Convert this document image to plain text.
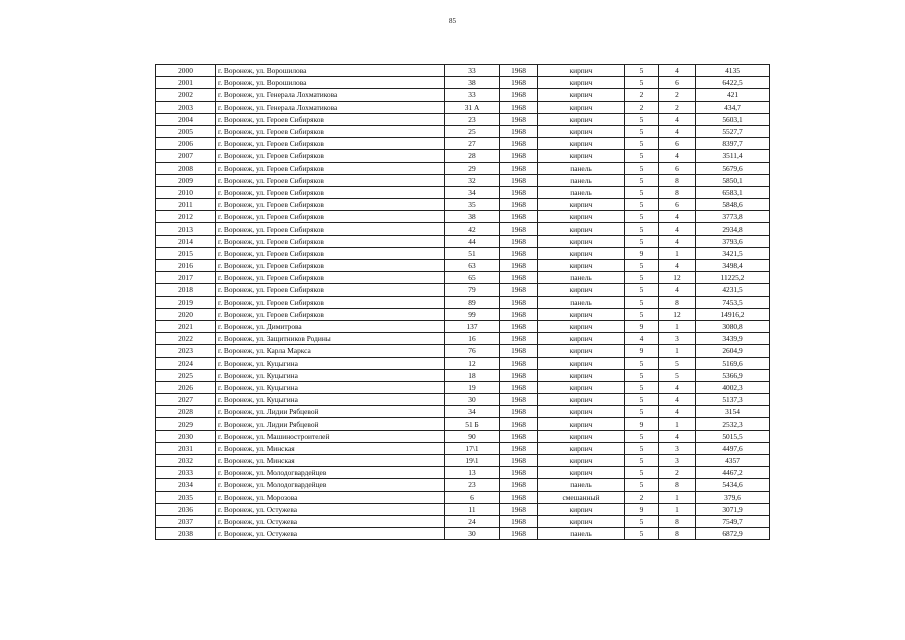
85
2000	г. Воронеж, ул. Ворошилова	33	1968	кирпич	5	4	4135
2001	г. Воронеж, ул. Ворошилова	38	1968	кирпич	5	6	6422,5
2002	г. Воронеж, ул. Генерала Лохматикова	33	1968	кирпич	2	2	421
2003	г. Воронеж, ул. Генерала Лохматикова	31 А	1968	кирпич	2	2	434,7
2004	г. Воронеж, ул. Героев Сибиряков	23	1968	кирпич	5	4	5603,1
2005	г. Воронеж, ул. Героев Сибиряков	25	1968	кирпич	5	4	5527,7
2006	г. Воронеж, ул. Героев Сибиряков	27	1968	кирпич	5	6	8397,7
2007	г. Воронеж, ул. Героев Сибиряков	28	1968	кирпич	5	4	3511,4
2008	г. Воронеж, ул. Героев Сибиряков	29	1968	панель	5	6	5679,6
2009	г. Воронеж, ул. Героев Сибиряков	32	1968	панель	5	8	5850,1
2010	г. Воронеж, ул. Героев Сибиряков	34	1968	панель	5	8	6583,1
2011	г. Воронеж, ул. Героев Сибиряков	35	1968	кирпич	5	6	5848,6
2012	г. Воронеж, ул. Героев Сибиряков	38	1968	кирпич	5	4	3773,8
2013	г. Воронеж, ул. Героев Сибиряков	42	1968	кирпич	5	4	2934,8
2014	г. Воронеж, ул. Героев Сибиряков	44	1968	кирпич	5	4	3793,6
2015	г. Воронеж, ул. Героев Сибиряков	51	1968	кирпич	9	1	3421,5
2016	г. Воронеж, ул. Героев Сибиряков	63	1968	кирпич	5	4	3498,4
2017	г. Воронеж, ул. Героев Сибиряков	65	1968	панель	5	12	11225,2
2018	г. Воронеж, ул. Героев Сибиряков	79	1968	кирпич	5	4	4231,5
2019	г. Воронеж, ул. Героев Сибиряков	89	1968	панель	5	8	7453,5
2020	г. Воронеж, ул. Героев Сибиряков	99	1968	кирпич	5	12	14916,2
2021	г. Воронеж, ул. Димитрова	137	1968	кирпич	9	1	3080,8
2022	г. Воронеж, ул. Защитников Родины	16	1968	кирпич	4	3	3439,9
2023	г. Воронеж, ул. Карла Маркса	76	1968	кирпич	9	1	2604,9
2024	г. Воронеж, ул. Куцыгина	12	1968	кирпич	5	5	5169,6
2025	г. Воронеж, ул. Куцыгина	18	1968	кирпич	5	5	5366,9
2026	г. Воронеж, ул. Куцыгина	19	1968	кирпич	5	4	4002,3
2027	г. Воронеж, ул. Куцыгина	30	1968	кирпич	5	4	5137,3
2028	г. Воронеж, ул. Лидии Рябцевой	34	1968	кирпич	5	4	3154
2029	г. Воронеж, ул. Лидии Рябцевой	51 Б	1968	кирпич	9	1	2532,3
2030	г. Воронеж, ул. Машиностроителей	90	1968	кирпич	5	4	5015,5
2031	г. Воронеж, ул. Минская	17\1	1968	кирпич	5	3	4497,6
2032	г. Воронеж, ул. Минская	19\1	1968	кирпич	5	3	4357
2033	г. Воронеж, ул. Молодогвардейцев	13	1968	кирпич	5	2	4467,2
2034	г. Воронеж, ул. Молодогвардейцев	23	1968	панель	5	8	5434,6
2035	г. Воронеж, ул. Морозова	6	1968	смешанный	2	1	379,6
2036	г. Воронеж, ул. Остужева	11	1968	кирпич	9	1	3071,9
2037	г. Воронеж, ул. Остужева	24	1968	кирпич	5	8	7549,7
2038	г. Воронеж, ул. Остужева	30	1968	панель	5	8	6872,9
